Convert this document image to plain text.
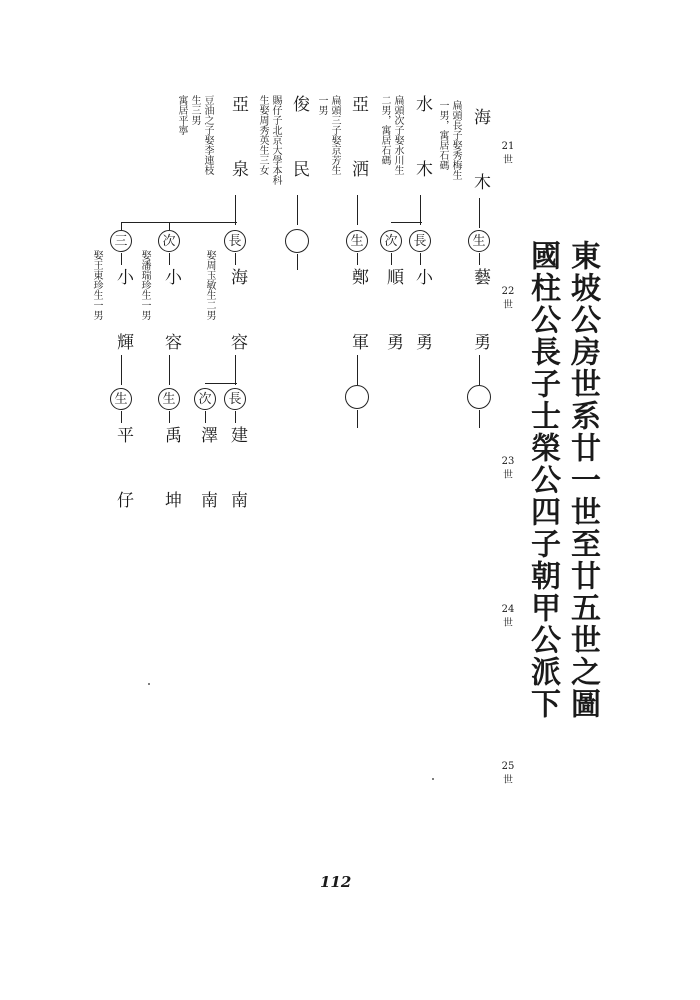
東坡公房世系廿一世至廿五世之圖
國柱公長子士榮公四子朝甲公派下
21
世
22
世
23
世
24
世
25
世
海 木
扁頭長子娶秀梅生
一男，寓居石碼
水 木
扁頭次子娶水川生
二男，寓居石碼
亞 洒
扁頭三子娶京芳生
一男
俊 民
賜仔子北京大學本科
生娶周秀英生三女
亞 泉
豆油之子娶李連枝
生三男
寓居平寧
生
藝 勇
長
小 勇
次
順 勇
生
鄭 軍
長
海 容
娶周玉敏生二男
次
小 容
娶潘瑞珍生一男
三
小 輝
娶王東珍生一男
長
建 南
次
澤 南
生
禹 坤
生
平 仔
112
